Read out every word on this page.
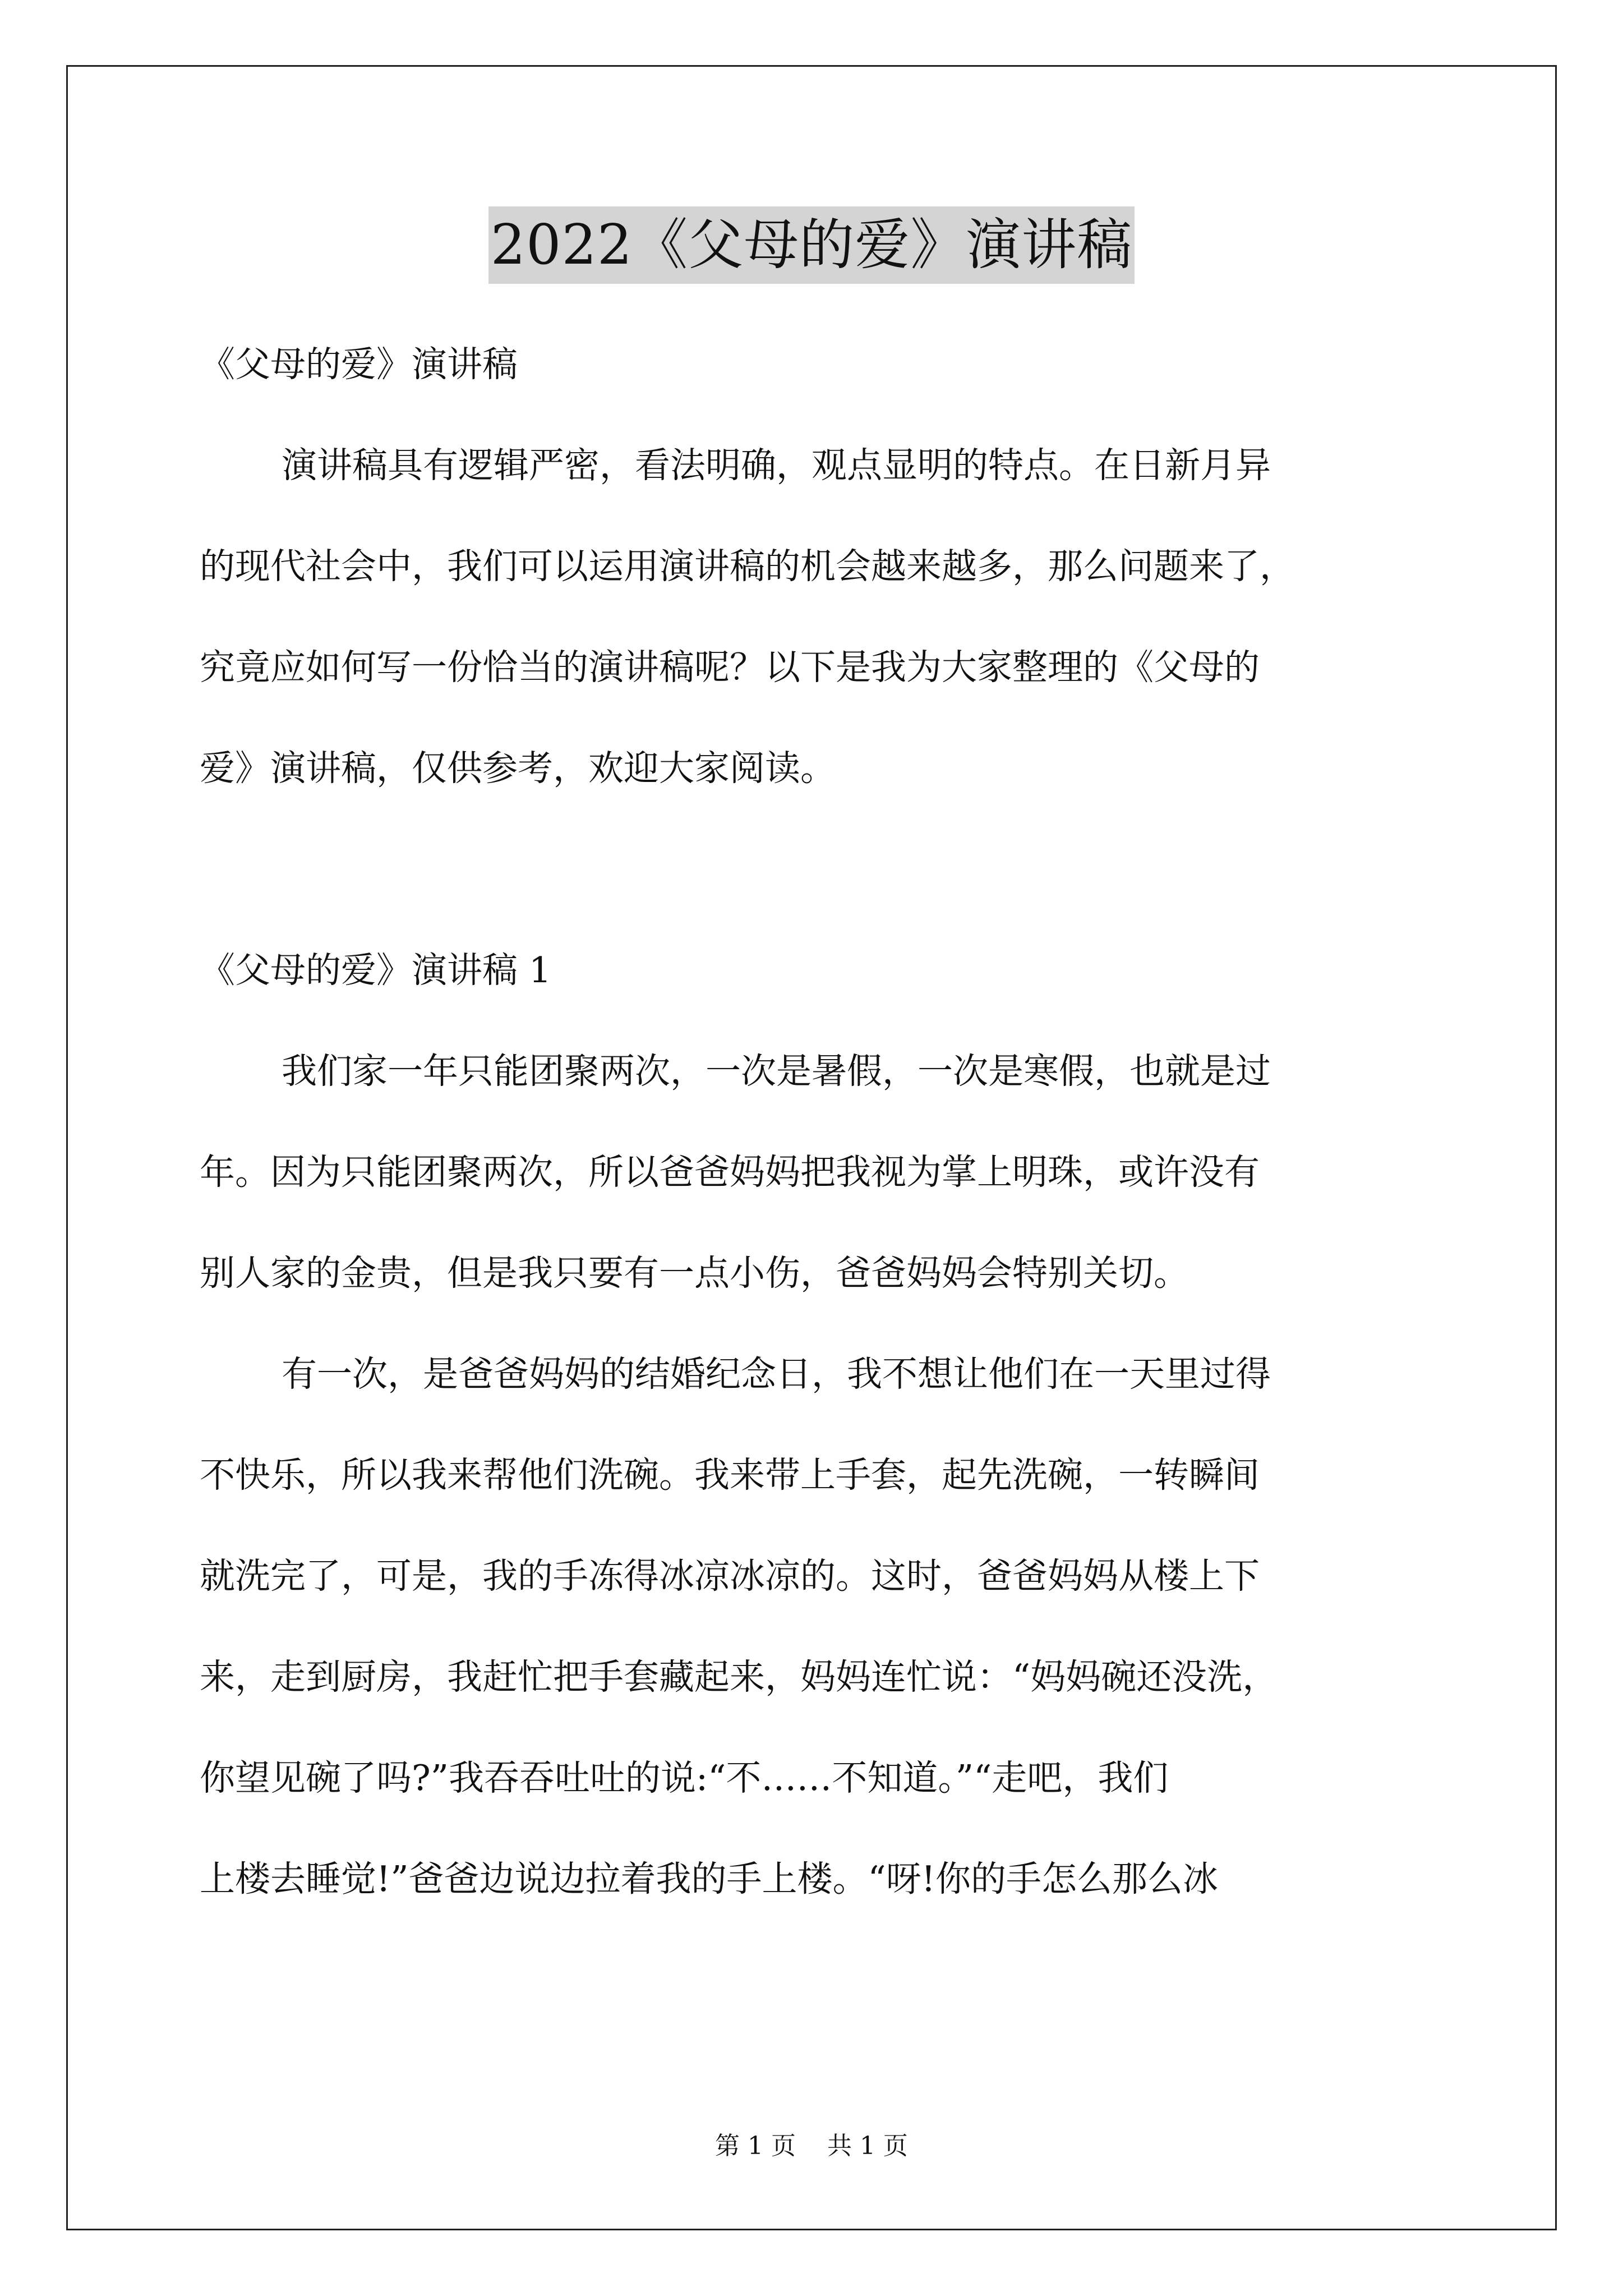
2022《父母的爱》演讲稿
《父母的爱》演讲稿
演讲稿具有逻辑严密，看法明确，观点显明的特点。在日新月异
的现代社会中，我们可以运用演讲稿的机会越来越多，那么问题来了，
究竟应如何写一份恰当的演讲稿呢？以下是我为大家整理的《父母的
爱》演讲稿，仅供参考，欢迎大家阅读。
《父母的爱》演讲稿 1
我们家一年只能团聚两次，一次是暑假，一次是寒假，也就是过
年。因为只能团聚两次，所以爸爸妈妈把我视为掌上明珠，或许没有
别人家的金贵，但是我只要有一点小伤，爸爸妈妈会特别关切。
有一次，是爸爸妈妈的结婚纪念日，我不想让他们在一天里过得
不快乐，所以我来帮他们洗碗。我来带上手套，起先洗碗，一转瞬间
就洗完了，可是，我的手冻得冰凉冰凉的。这时，爸爸妈妈从楼上下
来，走到厨房，我赶忙把手套藏起来，妈妈连忙说：“妈妈碗还没洗，
你望见碗了吗?”我吞吞吐吐的说:“不……不知道。”“走吧，我们
上楼去睡觉!”爸爸边说边拉着我的手上楼。“呀!你的手怎么那么冰
第 1 页    共 1 页
